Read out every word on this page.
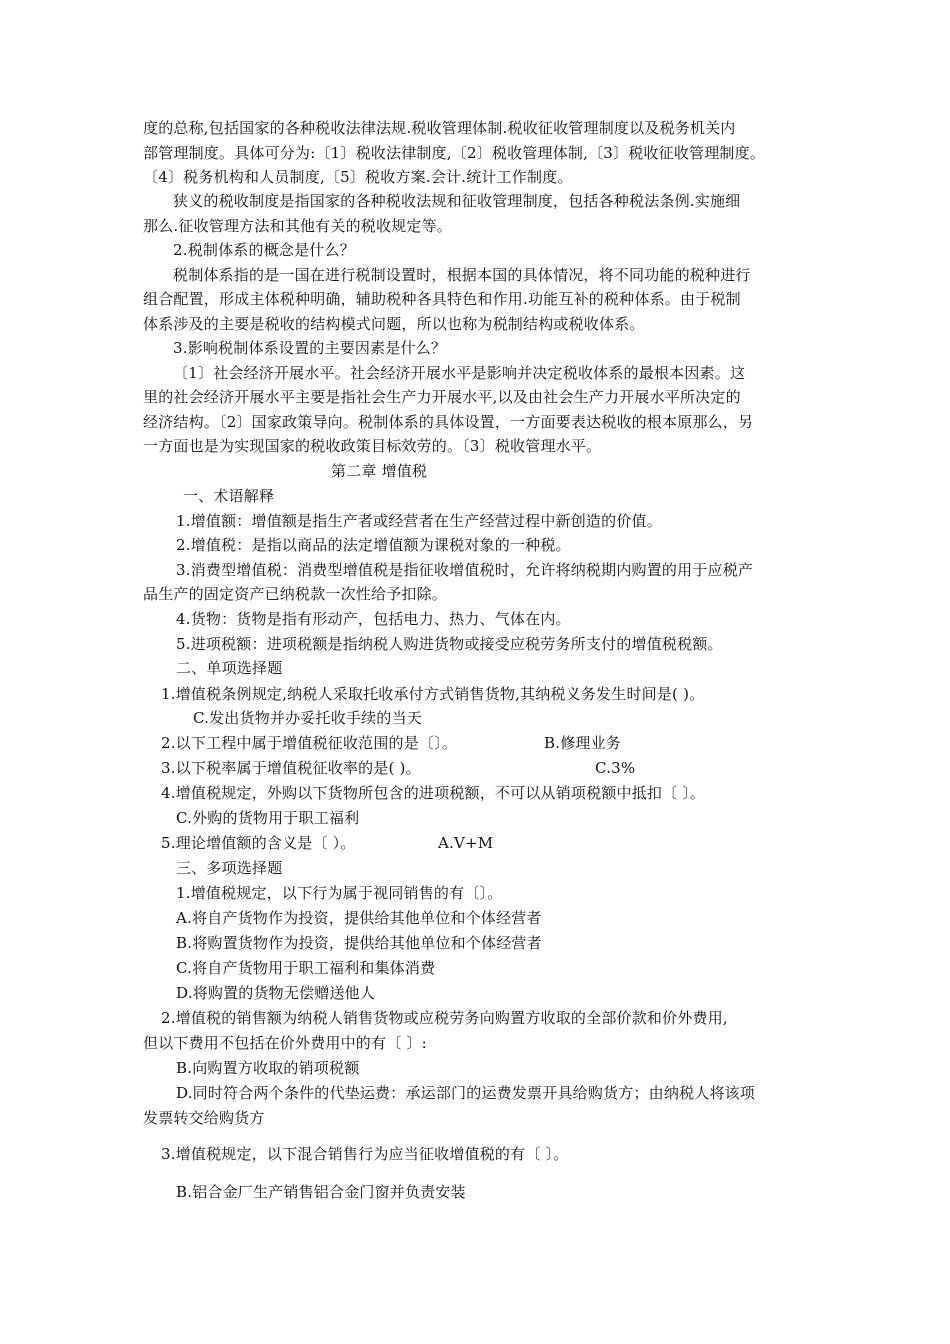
度的总称,包括国家的各种税收法律法规.税收管理体制.税收征收管理制度以及税务机关内
部管理制度。具体可分为:〔1〕税收法律制度,〔2〕税收管理体制,〔3〕税收征收管理制度。
〔4〕税务机构和人员制度,〔5〕税收方案.会计.统计工作制度。
狭义的税收制度是指国家的各种税收法规和征收管理制度，包括各种税法条例.实施细
那么.征收管理方法和其他有关的税收规定等。
2.税制体系的概念是什么？
税制体系指的是一国在进行税制设置时，根据本国的具体情况，将不同功能的税种进行
组合配置，形成主体税种明确，辅助税种各具特色和作用.功能互补的税种体系。由于税制
体系涉及的主要是税收的结构模式问题，所以也称为税制结构或税收体系。
3.影响税制体系设置的主要因素是什么？
〔1〕社会经济开展水平。社会经济开展水平是影响并决定税收体系的最根本因素。这
里的社会经济开展水平主要是指社会生产力开展水平,以及由社会生产力开展水平所决定的
经济结构。〔2〕国家政策导向。税制体系的具体设置，一方面要表达税收的根本原那么，另
一方面也是为实现国家的税收政策目标效劳的。〔3〕税收管理水平。
第二章 增值税
一、术语解释
1.增值额：增值额是指生产者或经营者在生产经营过程中新创造的价值。
2.增值税：是指以商品的法定增值额为课税对象的一种税。
3.消费型增值税：消费型增值税是指征收增值税时，允许将纳税期内购置的用于应税产
品生产的固定资产已纳税款一次性给予扣除。
4.货物：货物是指有形动产，包括电力、热力、气体在内。
5.进项税额：进项税额是指纳税人购进货物或接受应税劳务所支付的增值税税额。
二、单项选择题
1.增值税条例规定,纳税人采取托收承付方式销售货物,其纳税义务发生时间是( )。
C.发出货物并办妥托收手续的当天
2.以下工程中属于增值税征收范围的是〔〕。	B.修理业务
3.以下税率属于增值税征收率的是( )。	C.3%
4.增值税规定，外购以下货物所包含的进项税额，不可以从销项税额中抵扣〔 〕。
C.外购的货物用于职工福利
5.理论增值额的含义是〔 ）。	A.V+M
三、多项选择题
1.增值税规定，以下行为属于视同销售的有〔〕。
A.将自产货物作为投资，提供给其他单位和个体经营者
B.将购置货物作为投资，提供给其他单位和个体经营者
C.将自产货物用于职工福利和集体消费
D.将购置的货物无偿赠送他人
2.增值税的销售额为纳税人销售货物或应税劳务向购置方收取的全部价款和价外费用,
但以下费用不包括在价外费用中的有〔 〕:
B.向购置方收取的销项税额
D.同时符合两个条件的代垫运费：承运部门的运费发票开具给购货方；由纳税人将该项
发票转交给购货方
3.增值税规定，以下混合销售行为应当征收增值税的有〔 〕。
B.铝合金厂生产销售铝合金门窗并负责安装
